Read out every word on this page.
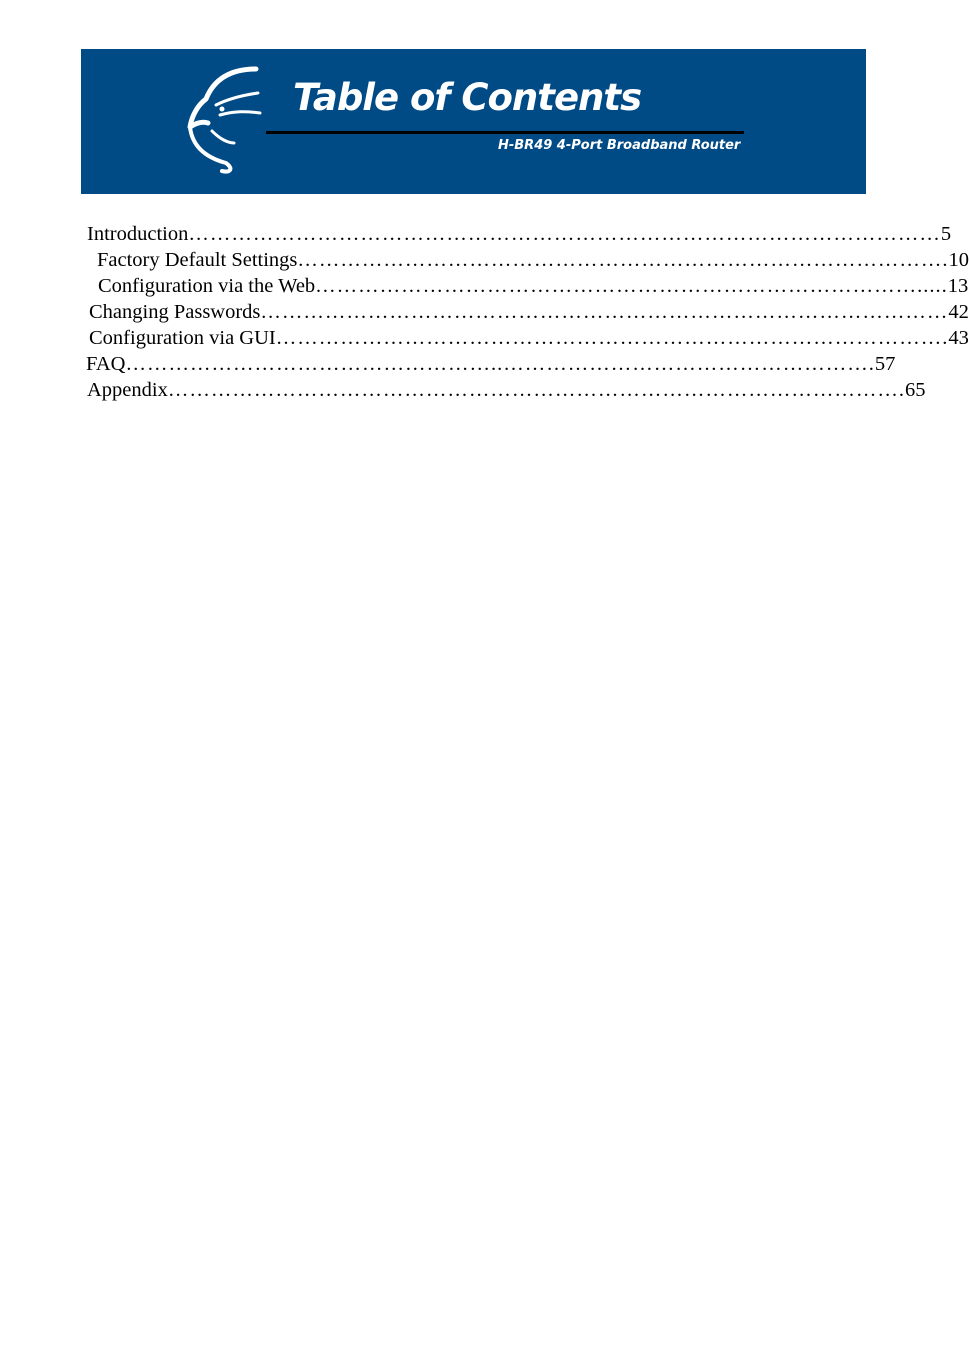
Table of Contents
H-BR49 4-Port Broadband Router
Introduction …………………………………………………………………………………………… 5
Factory Default Settings ………………………………………………………………………………. 10
Configuration via the Web …………………………………………………………………………..... 13
Changing Passwords …………………………………………………………………………………… 42
Configuration via GUI …………………………………………………………………………………. 43
FAQ ……………………………………………..……………………………………………. 57
Appendix …………………………………………………………………………………………. 65
